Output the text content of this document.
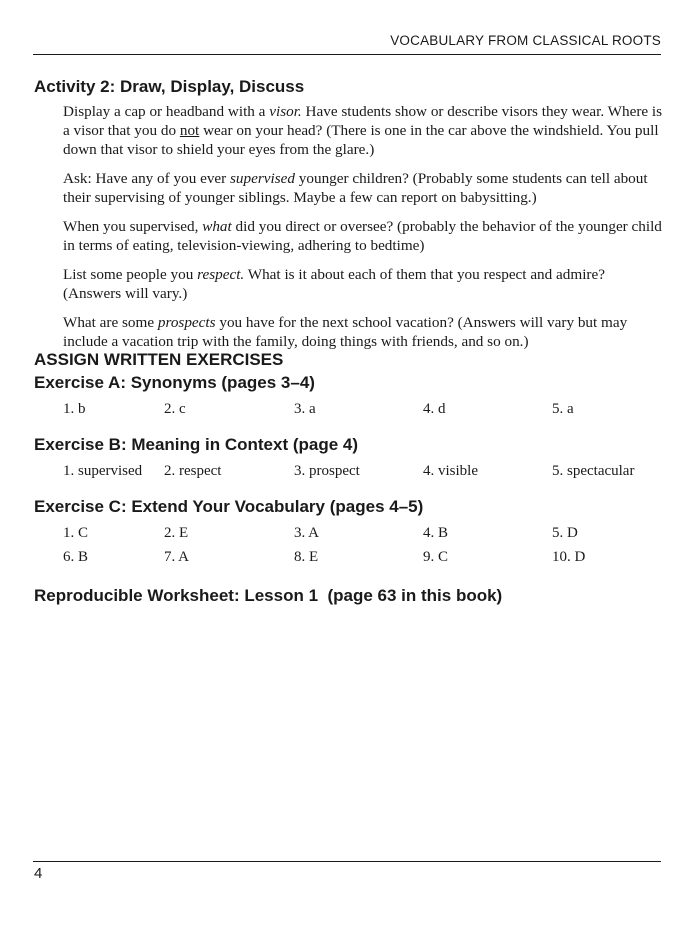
VOCABULARY FROM CLASSICAL ROOTS
Activity 2: Draw, Display, Discuss

Display a cap or headband with a visor. Have students show or describe visors they wear. Where is a visor that you do not wear on your head? (There is one in the car above the windshield. You pull down that visor to shield your eyes from the glare.)

Ask: Have any of you ever supervised younger children? (Probably some students can tell about their supervising of younger siblings. Maybe a few can report on babysitting.)

When you supervised, what did you direct or oversee? (probably the behavior of the younger child in terms of eating, television-viewing, adhering to bedtime)

List some people you respect. What is it about each of them that you respect and admire? (Answers will vary.)

What are some prospects you have for the next school vacation? (Answers will vary but may include a vacation trip with the family, doing things with friends, and so on.)

ASSIGN WRITTEN EXERCISES
Exercise A: Synonyms (pages 3–4)
1. b	2. c	3. a	4. d	5. a
Exercise B: Meaning in Context (page 4)
1. supervised 2. respect	3. prospect	4. visible	5. spectacular
Exercise C: Extend Your Vocabulary (pages 4–5)
1. C	2. E	3. A	4. B	5. D
6. B	7. A	8. E	9. C	10. D
Reproducible Worksheet: Lesson 1  (page 63 in this book)
4
